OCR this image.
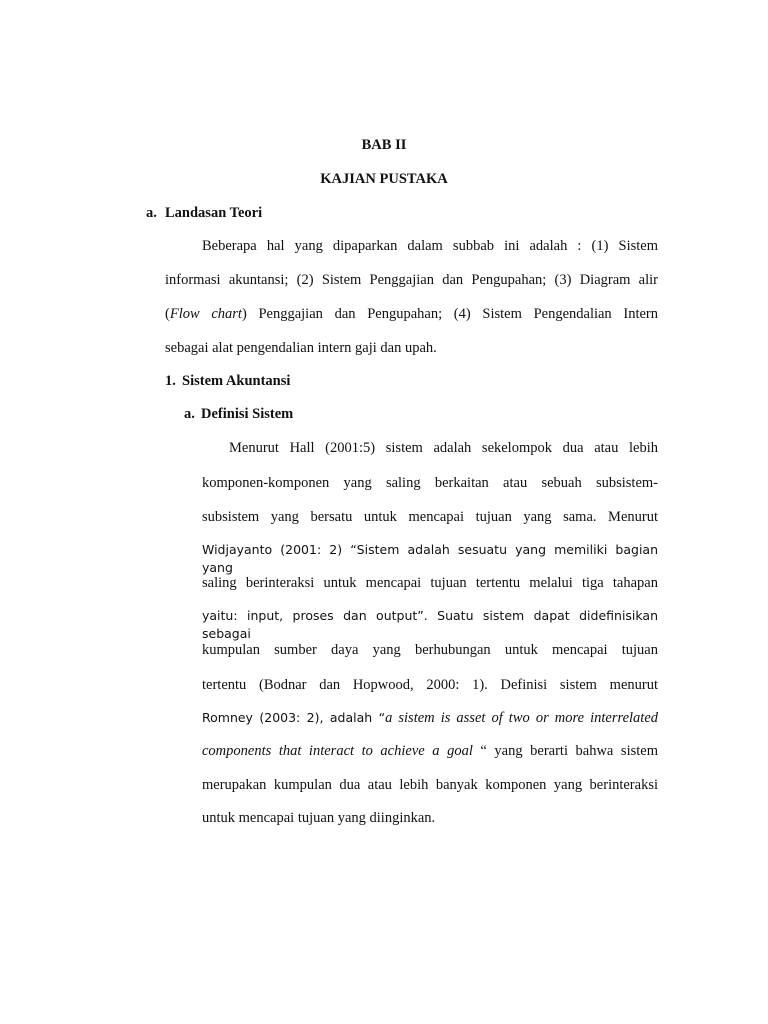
BAB II
KAJIAN PUSTAKA
a. Landasan Teori
Beberapa hal yang dipaparkan dalam subbab ini adalah : (1) Sistem
informasi akuntansi; (2) Sistem Penggajian dan Pengupahan; (3) Diagram alir
(Flow chart) Penggajian dan Pengupahan; (4) Sistem Pengendalian Intern
sebagai alat pengendalian intern gaji dan upah.
1. Sistem Akuntansi
a. Definisi Sistem
Menurut Hall (2001:5) sistem adalah sekelompok dua atau lebih
komponen-komponen yang saling berkaitan atau sebuah subsistem-
subsistem yang bersatu untuk mencapai tujuan yang sama. Menurut
Widjayanto (2001: 2) “Sistem adalah sesuatu yang memiliki bagian yang
saling berinteraksi untuk mencapai tujuan tertentu melalui tiga tahapan
yaitu: input, proses dan output”. Suatu sistem dapat didefinisikan sebagai
kumpulan sumber daya yang berhubungan untuk mencapai tujuan
tertentu (Bodnar dan Hopwood, 2000: 1). Definisi sistem menurut
Romney (2003: 2), adalah “a sistem is asset of two or more interrelated
components that interact to achieve a goal “ yang berarti bahwa sistem
merupakan kumpulan dua atau lebih banyak komponen yang berinteraksi
untuk mencapai tujuan yang diinginkan.
